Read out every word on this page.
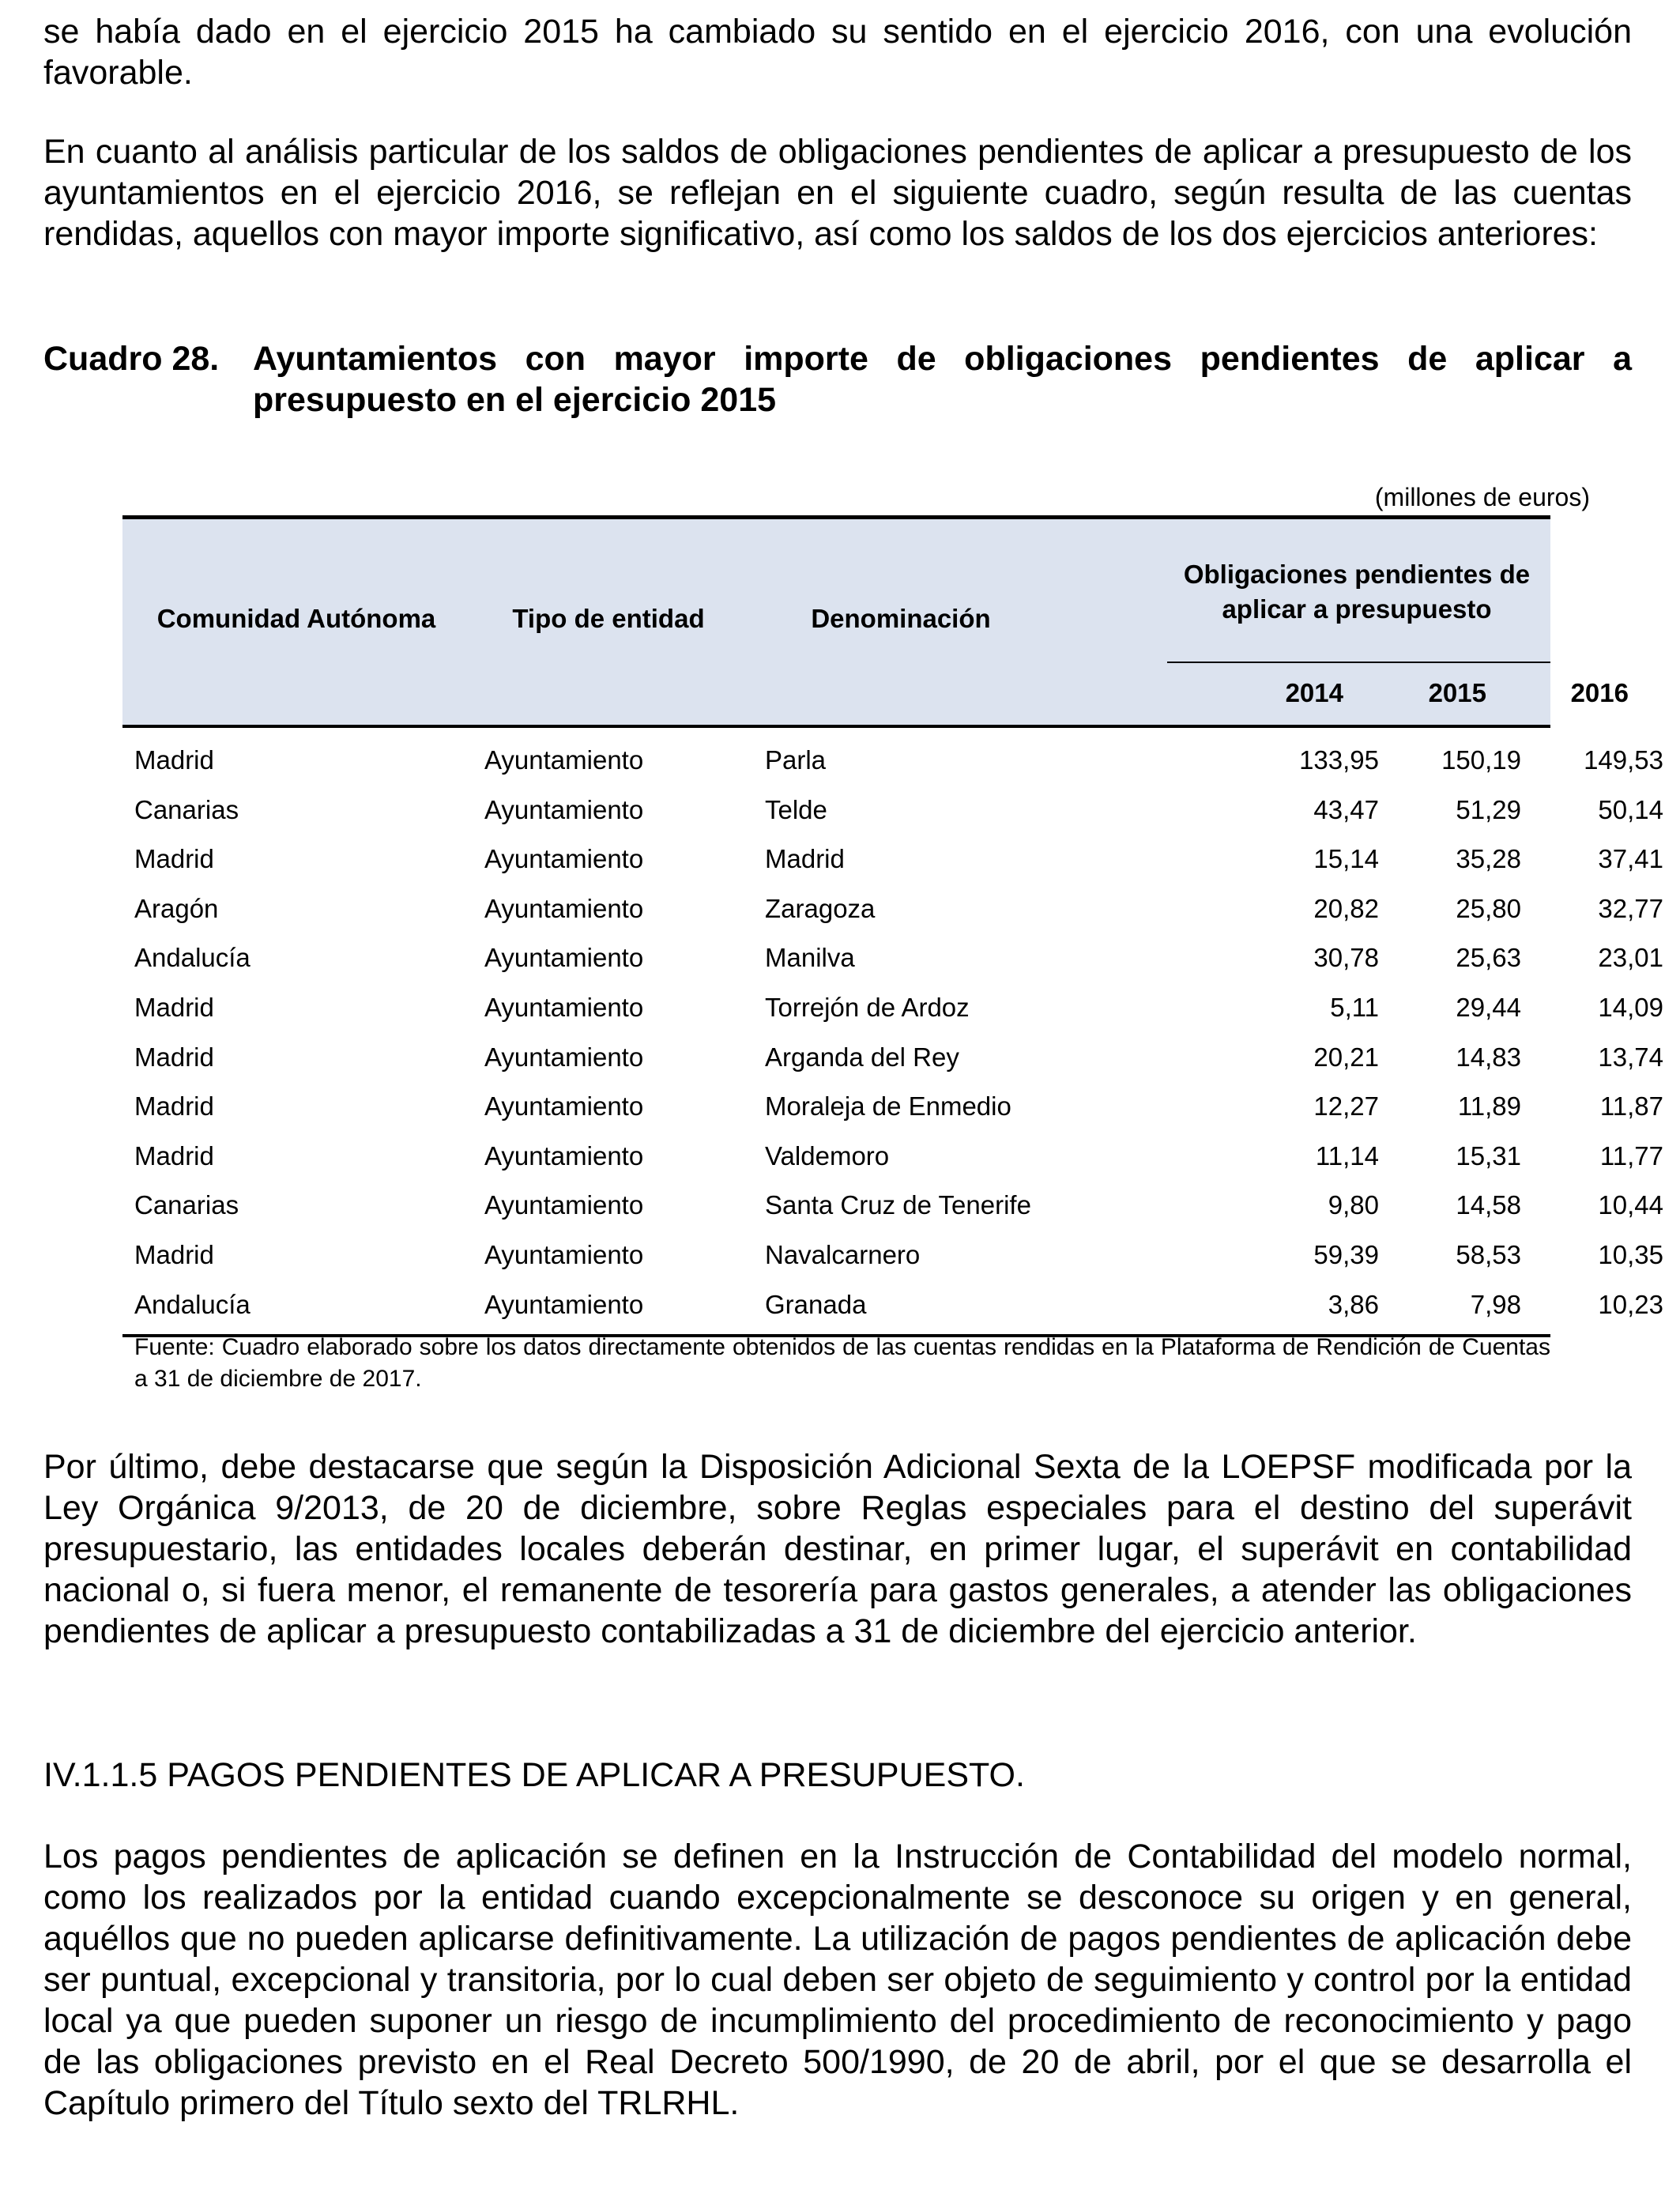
se había dado en el ejercicio 2015 ha cambiado su sentido en el ejercicio 2016, con una evolución favorable.

En cuanto al análisis particular de los saldos de obligaciones pendientes de aplicar a presupuesto de los ayuntamientos en el ejercicio 2016, se reflejan en el siguiente cuadro, según resulta de las cuentas rendidas, aquellos con mayor importe significativo, así como los saldos de los dos ejercicios anteriores:

Cuadro 28. Ayuntamientos con mayor importe de obligaciones pendientes de aplicar a presupuesto en el ejercicio 2015
(millones de euros)
Comunidad Autónoma	Tipo de entidad	Denominación
Obligaciones pendientes de aplicar a presupuesto
2014	2015	2016
Madrid	Ayuntamiento	Parla	133,95	150,19	149,53
Canarias	Ayuntamiento	Telde	43,47	51,29	50,14
Madrid	Ayuntamiento	Madrid	15,14	35,28	37,41
Aragón	Ayuntamiento	Zaragoza	20,82	25,80	32,77
Andalucía	Ayuntamiento	Manilva	30,78	25,63	23,01
Madrid	Ayuntamiento	Torrejón de Ardoz	5,11	29,44	14,09
Madrid	Ayuntamiento	Arganda del Rey	20,21	14,83	13,74
Madrid	Ayuntamiento	Moraleja de Enmedio	12,27	11,89	11,87
Madrid	Ayuntamiento	Valdemoro	11,14	15,31	11,77
Canarias	Ayuntamiento	Santa Cruz de Tenerife	9,80	14,58	10,44
Madrid	Ayuntamiento	Navalcarnero	59,39	58,53	10,35
Andalucía	Ayuntamiento	Granada	3,86	7,98	10,23
Fuente: Cuadro elaborado sobre los datos directamente obtenidos de las cuentas rendidas en la Plataforma de Rendición de Cuentas a 31 de diciembre de 2017.

Por último, debe destacarse que según la Disposición Adicional Sexta de la LOEPSF modificada por la Ley Orgánica 9/2013, de 20 de diciembre, sobre Reglas especiales para el destino del superávit presupuestario, las entidades locales deberán destinar, en primer lugar, el superávit en contabilidad nacional o, si fuera menor, el remanente de tesorería para gastos generales, a atender las obligaciones pendientes de aplicar a presupuesto contabilizadas a 31 de diciembre del ejercicio anterior.

IV.1.1.5 PAGOS PENDIENTES DE APLICAR A PRESUPUESTO.

Los pagos pendientes de aplicación se definen en la Instrucción de Contabilidad del modelo normal, como los realizados por la entidad cuando excepcionalmente se desconoce su origen y en general, aquéllos que no pueden aplicarse definitivamente. La utilización de pagos pendientes de aplicación debe ser puntual, excepcional y transitoria, por lo cual deben ser objeto de seguimiento y control por la entidad local ya que pueden suponer un riesgo de incumplimiento del procedimiento de reconocimiento y pago de las obligaciones previsto en el Real Decreto 500/1990, de 20 de abril, por el que se desarrolla el Capítulo primero del Título sexto del TRLRHL.
